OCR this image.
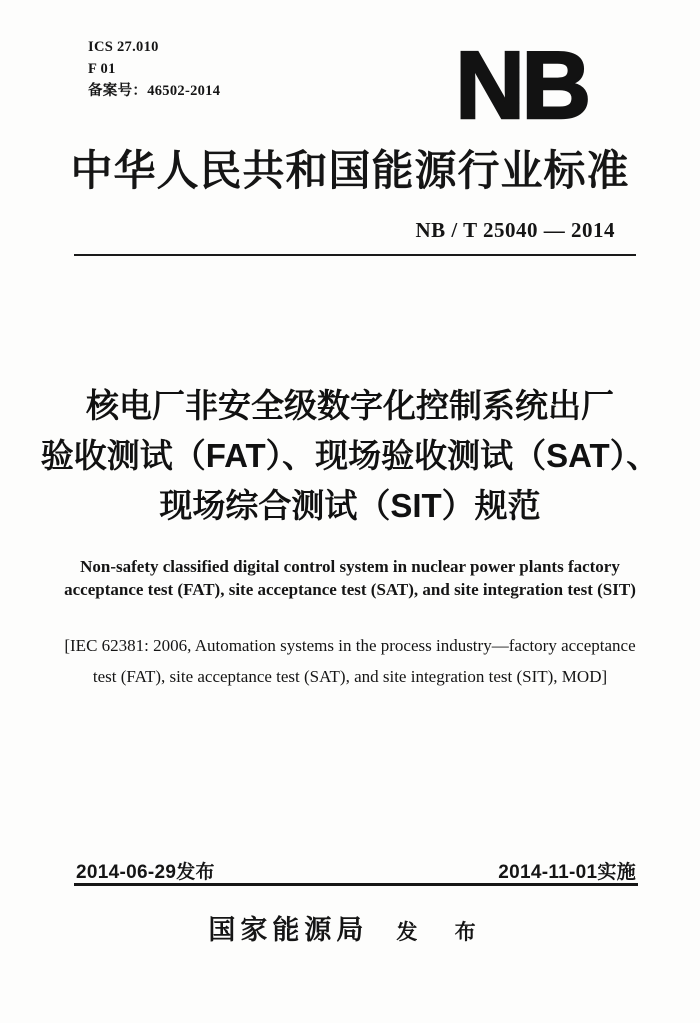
ICS 27.010
F 01
备案号：46502-2014 NB
中华人民共和国能源行业标准
NB / T 25040 — 2014
核电厂非安全级数字化控制系统出厂
验收测试（FAT）、现场验收测试（SAT）、
现场综合测试（SIT）规范
Non-safety classified digital control system in nuclear power plants factory
acceptance test (FAT), site acceptance test (SAT), and site integration test (SIT)
[IEC 62381: 2006, Automation systems in the process industry—factory acceptance
test (FAT), site acceptance test (SAT), and site integration test (SIT), MOD]
2014-06-29发布	2014-11-01实施
国家能源局 发 布
